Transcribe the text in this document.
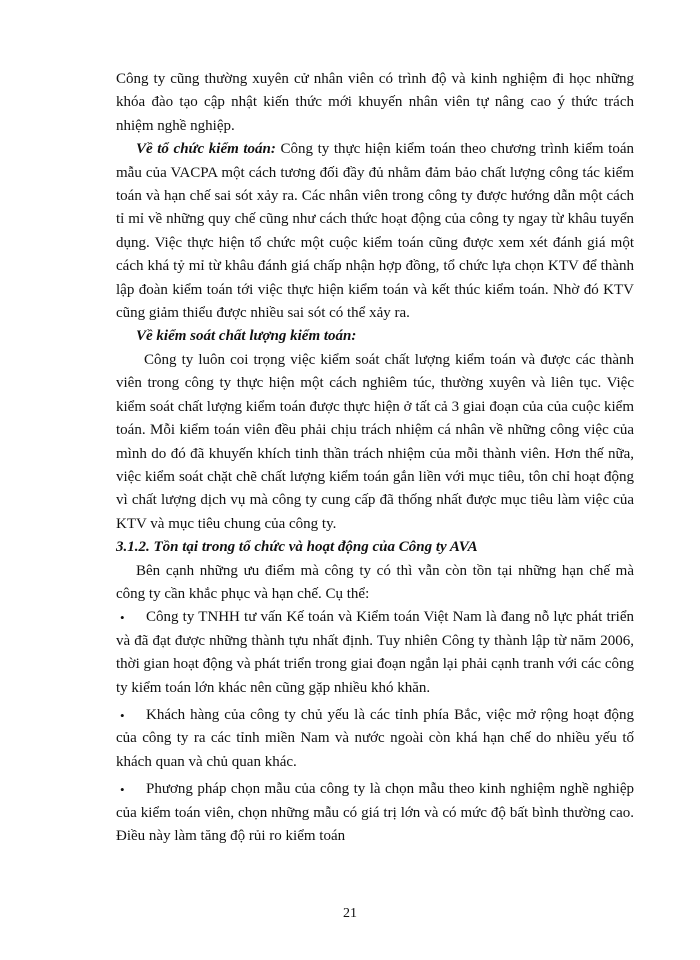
Công ty cũng thường xuyên cử nhân viên có trình độ và kinh nghiệm đi học những khóa đào tạo cập nhật kiến thức mới khuyến nhân viên tự nâng cao ý thức trách nhiệm nghề nghiệp.

Về tổ chức kiểm toán: Công ty thực hiện kiểm toán theo chương trình kiểm toán mẫu của VACPA một cách tương đối đầy đủ nhằm đảm bảo chất lượng công tác kiểm toán và hạn chế sai sót xảy ra. Các nhân viên trong công ty được hướng dẫn một cách tỉ mỉ về những quy chế cũng như cách thức hoạt động của công ty ngay từ khâu tuyển dụng. Việc thực hiện tổ chức một cuộc kiểm toán cũng được xem xét đánh giá một cách khá tỷ mỉ từ khâu đánh giá chấp nhận hợp đồng, tổ chức lựa chọn KTV để thành lập đoàn kiểm toán tới việc thực hiện kiểm toán và kết thúc kiểm toán. Nhờ đó KTV cũng giảm thiểu được nhiều sai sót có thể xảy ra.

Về kiểm soát chất lượng kiểm toán:

Công ty luôn coi trọng việc kiểm soát chất lượng kiểm toán và được các thành viên trong công ty thực hiện một cách nghiêm túc, thường xuyên và liên tục. Việc kiểm soát chất lượng kiểm toán được thực hiện ở tất cả 3 giai đoạn của của cuộc kiểm toán. Mỗi kiểm toán viên đều phải chịu trách nhiệm cá nhân về những công việc của mình do đó đã khuyến khích tinh thần trách nhiệm của mỗi thành viên. Hơn thế nữa, việc kiểm soát chặt chẽ chất lượng kiểm toán gắn liền với mục tiêu, tôn chỉ hoạt động vì chất lượng dịch vụ mà công ty cung cấp đã thống nhất được mục tiêu làm việc của KTV và mục tiêu chung của công ty.

3.1.2. Tồn tại trong tổ chức và hoạt động của Công ty AVA

Bên cạnh những ưu điểm mà công ty có thì vẫn còn tồn tại những hạn chế mà công ty cần khắc phục và hạn chế. Cụ thể:

• Công ty TNHH tư vấn Kế toán và Kiểm toán Việt Nam là đang nỗ lực phát triển và đã đạt được những thành tựu nhất định. Tuy nhiên Công ty thành lập từ năm 2006, thời gian hoạt động và phát triển trong giai đoạn ngắn lại phải cạnh tranh với các công ty kiểm toán lớn khác nên cũng gặp nhiều khó khăn.

• Khách hàng của công ty chủ yếu là các tỉnh phía Bắc, việc mở rộng hoạt động của công ty ra các tỉnh miền Nam và nước ngoài còn khá hạn chế do nhiều yếu tố khách quan và chủ quan khác.

• Phương pháp chọn mẫu của công ty là chọn mẫu theo kinh nghiệm nghề nghiệp của kiểm toán viên, chọn những mẫu có giá trị lớn và có mức độ bất bình thường cao. Điều này làm tăng độ rủi ro kiểm toán

21
